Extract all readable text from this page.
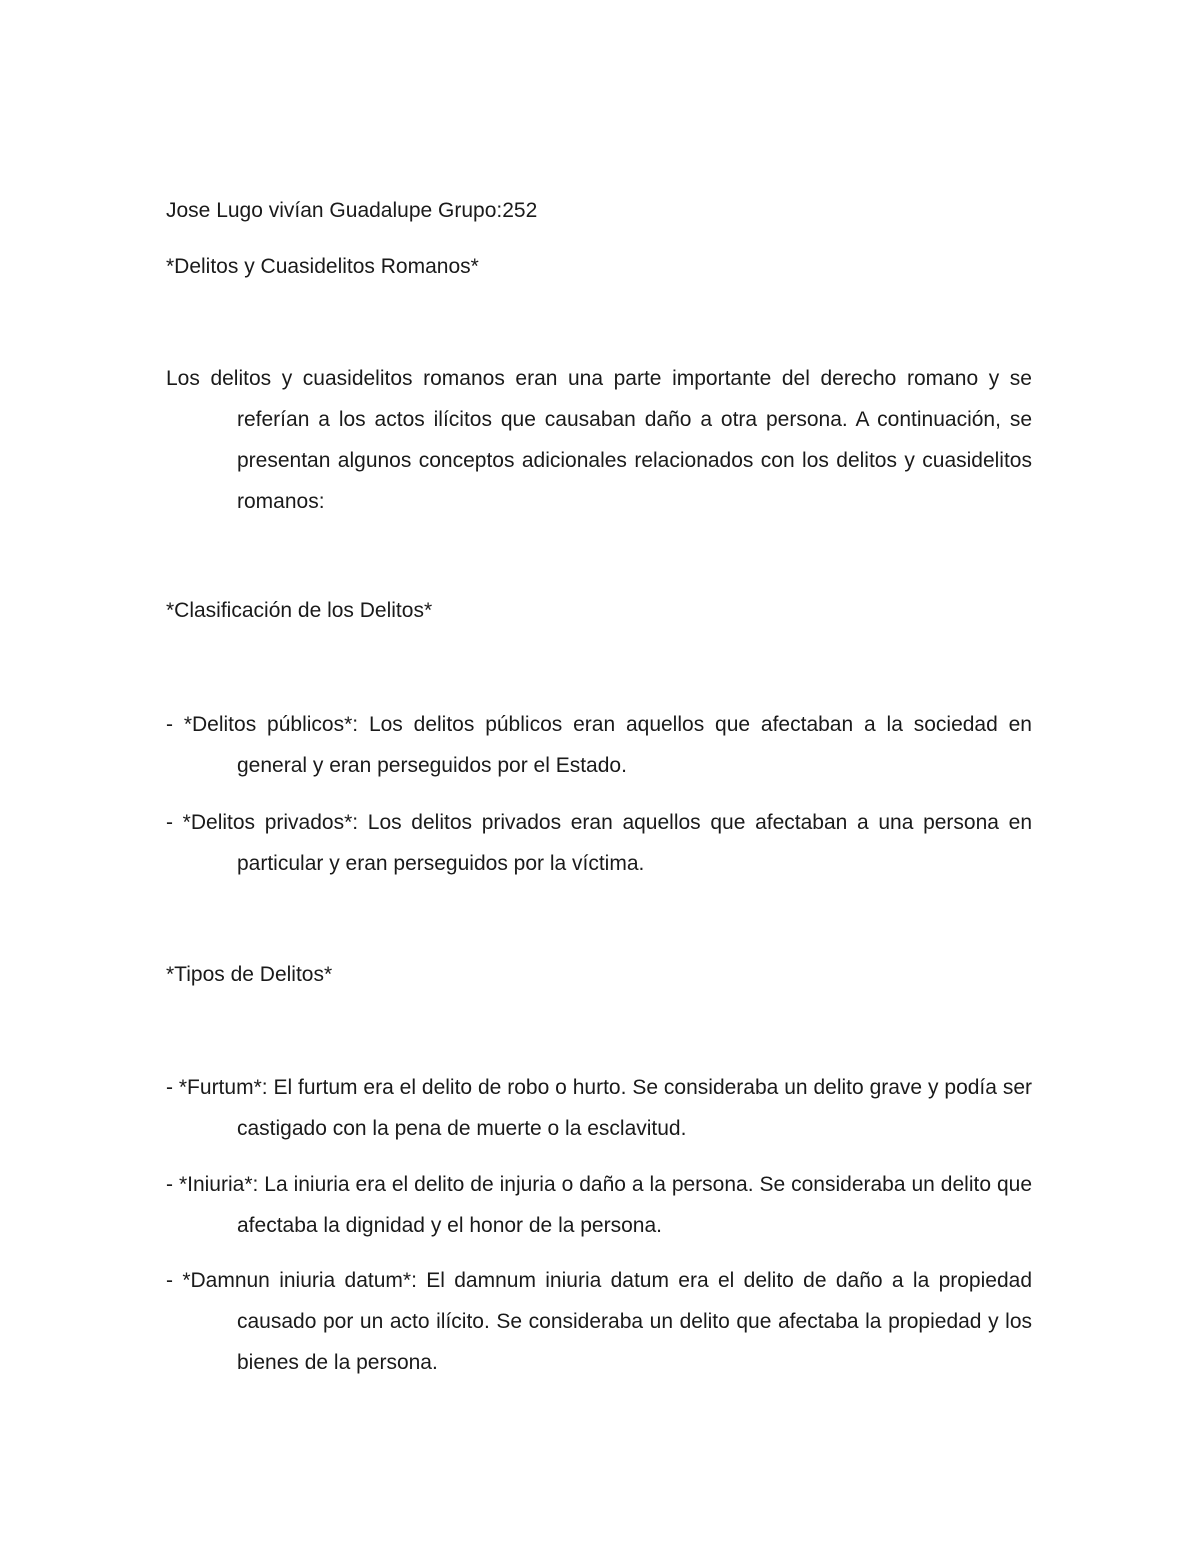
Jose Lugo vivían Guadalupe Grupo:252
*Delitos y Cuasidelitos Romanos*
Los delitos y cuasidelitos romanos eran una parte importante del derecho romano y se referían a los actos ilícitos que causaban daño a otra persona. A continuación, se presentan algunos conceptos adicionales relacionados con los delitos y cuasidelitos romanos:
*Clasificación de los Delitos*
- *Delitos públicos*: Los delitos públicos eran aquellos que afectaban a la sociedad en general y eran perseguidos por el Estado.
- *Delitos privados*: Los delitos privados eran aquellos que afectaban a una persona en particular y eran perseguidos por la víctima.
*Tipos de Delitos*
- *Furtum*: El furtum era el delito de robo o hurto. Se consideraba un delito grave y podía ser castigado con la pena de muerte o la esclavitud.
- *Iniuria*: La iniuria era el delito de injuria o daño a la persona. Se consideraba un delito que afectaba la dignidad y el honor de la persona.
- *Damnun iniuria datum*: El damnum iniuria datum era el delito de daño a la propiedad causado por un acto ilícito. Se consideraba un delito que afectaba la propiedad y los bienes de la persona.
